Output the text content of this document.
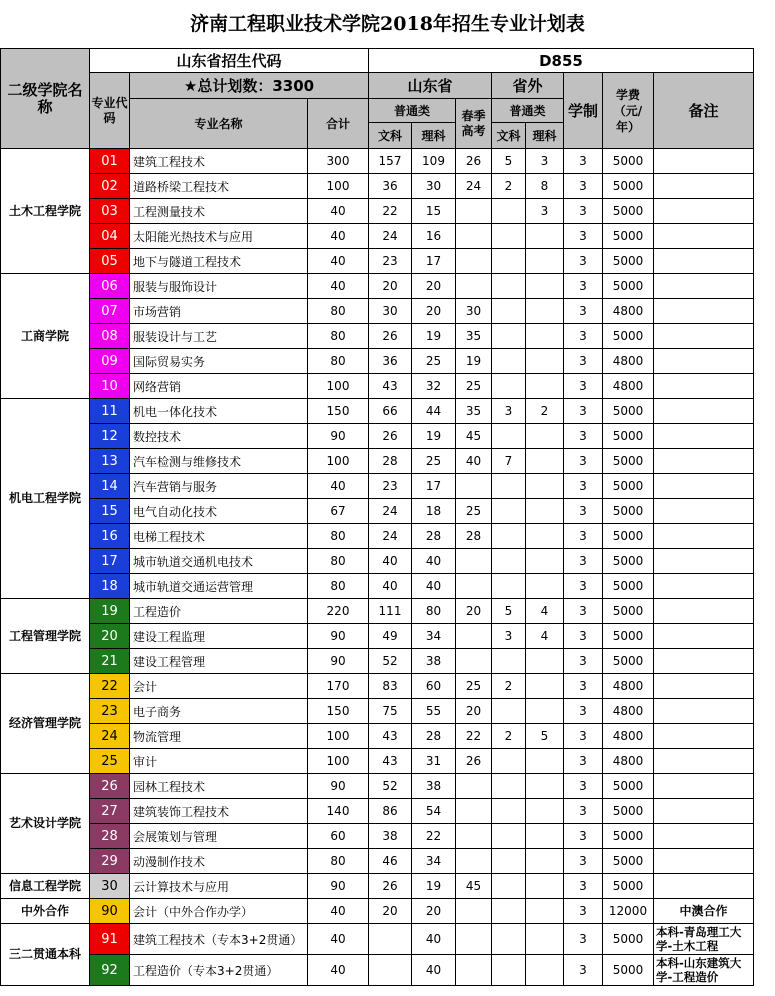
济南工程职业技术学院2018年招生专业计划表
二级学院名称	山东省招生代码			D855							
	专业代码	★总计划数：3300		山东省			省外		学制	学费（元/年）	备注
		专业名称	合计	普通类		春季高考	普通类				
				文科	理科		文科	理科			
土木工程学院	01	建筑工程技术	300	157	109	26	5	3	3	5000	
	02	道路桥梁工程技术	100	36	30	24	2	8	3	5000	
	03	工程测量技术	40	22	15			3	3	5000	
	04	太阳能光热技术与应用	40	24	16				3	5000	
	05	地下与隧道工程技术	40	23	17				3	5000	
工商学院	06	服装与服饰设计	40	20	20				3	5000	
	07	市场营销	80	30	20	30			3	4800	
	08	服装设计与工艺	80	26	19	35			3	5000	
	09	国际贸易实务	80	36	25	19			3	4800	
	10	网络营销	100	43	32	25			3	4800	
机电工程学院	11	机电一体化技术	150	66	44	35	3	2	3	5000	
	12	数控技术	90	26	19	45			3	5000	
	13	汽车检测与维修技术	100	28	25	40	7		3	5000	
	14	汽车营销与服务	40	23	17				3	5000	
	15	电气自动化技术	67	24	18	25			3	5000	
	16	电梯工程技术	80	24	28	28			3	5000	
	17	城市轨道交通机电技术	80	40	40				3	5000	
	18	城市轨道交通运营管理	80	40	40				3	5000	
工程管理学院	19	工程造价	220	111	80	20	5	4	3	5000	
	20	建设工程监理	90	49	34		3	4	3	5000	
	21	建设工程管理	90	52	38				3	5000	
经济管理学院	22	会计	170	83	60	25	2		3	4800	
	23	电子商务	150	75	55	20			3	4800	
	24	物流管理	100	43	28	22	2	5	3	4800	
	25	审计	100	43	31	26			3	4800	
艺术设计学院	26	园林工程技术	90	52	38				3	5000	
	27	建筑装饰工程技术	140	86	54				3	5000	
	28	会展策划与管理	60	38	22				3	5000	
	29	动漫制作技术	80	46	34				3	5000	
信息工程学院	30	云计算技术与应用	90	26	19	45			3	5000	
中外合作	90	会计（中外合作办学）	40	20	20				3	12000	中澳合作
三二贯通本科	91	建筑工程技术（专本3+2贯通）	40		40				3	5000	本科-青岛理工大学-土木工程
	92	工程造价（专本3+2贯通）	40		40				3	5000	本科-山东建筑大学-工程造价
